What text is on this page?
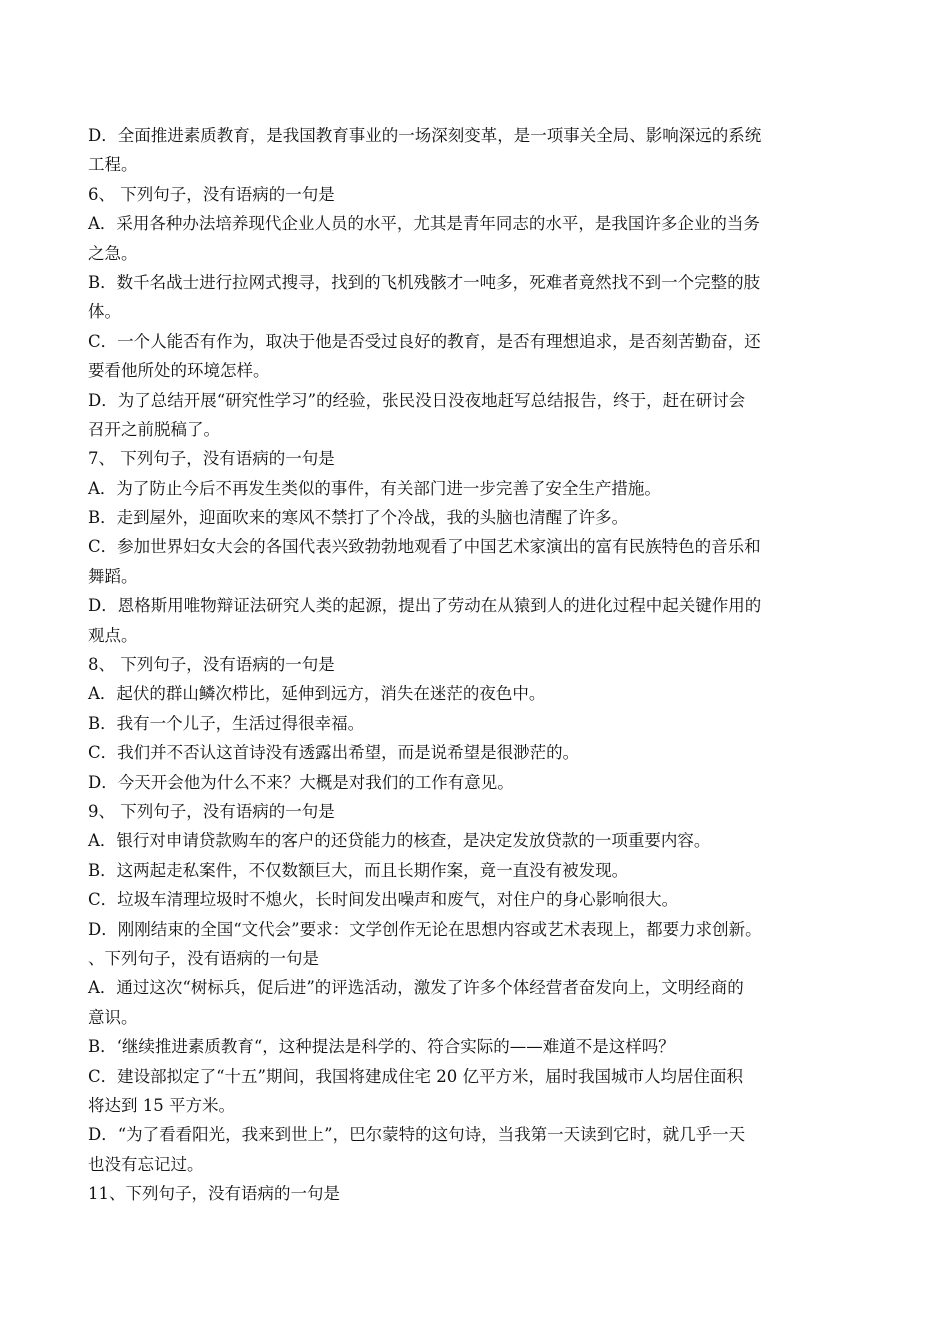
D．全面推进素质教育，是我国教育事业的一场深刻变革，是一项事关全局、影响深远的系统
工程。
6、 下列句子，没有语病的一句是
A．采用各种办法培养现代企业人员的水平，尤其是青年同志的水平，是我国许多企业的当务
之急。
B．数千名战士进行拉网式搜寻，找到的飞机残骸才一吨多，死难者竟然找不到一个完整的肢
体。
C．一个人能否有作为，取决于他是否受过良好的教育，是否有理想追求，是否刻苦勤奋，还
要看他所处的环境怎样。
D．为了总结开展“研究性学习”的经验，张民没日没夜地赶写总结报告，终于，赶在研讨会
召开之前脱稿了。
7、 下列句子，没有语病的一句是
A．为了防止今后不再发生类似的事件，有关部门进一步完善了安全生产措施。
B．走到屋外，迎面吹来的寒风不禁打了个冷战，我的头脑也清醒了许多。
C．参加世界妇女大会的各国代表兴致勃勃地观看了中国艺术家演出的富有民族特色的音乐和
舞蹈。
D．恩格斯用唯物辩证法研究人类的起源，提出了劳动在从猿到人的进化过程中起关键作用的
观点。
8、 下列句子，没有语病的一句是
A．起伏的群山鳞次栉比，延伸到远方，消失在迷茫的夜色中。
B．我有一个儿子，生活过得很幸福。
C．我们并不否认这首诗没有透露出希望，而是说希望是很渺茫的。
D．今天开会他为什么不来？大概是对我们的工作有意见。
9、 下列句子，没有语病的一句是
A．银行对申请贷款购车的客户的还贷能力的核查，是决定发放贷款的一项重要内容。
B．这两起走私案件，不仅数额巨大，而且长期作案，竟一直没有被发现。
C．垃圾车清理垃圾时不熄火，长时间发出噪声和废气，对住户的身心影响很大。
D．刚刚结束的全国“文代会”要求：文学创作无论在思想内容或艺术表现上，都要力求创新。
、下列句子，没有语病的一句是
A．通过这次“树标兵，促后进”的评选活动，激发了许多个体经营者奋发向上，文明经商的
意识。
B．‘继续推进素质教育“，这种提法是科学的、符合实际的——难道不是这样吗？
C．建设部拟定了“十五”期间，我国将建成住宅 20 亿平方米，届时我国城市人均居住面积
将达到 15 平方米。
D．“为了看看阳光，我来到世上”，巴尔蒙特的这句诗，当我第一天读到它时，就几乎一天
也没有忘记过。
11、下列句子，没有语病的一句是
